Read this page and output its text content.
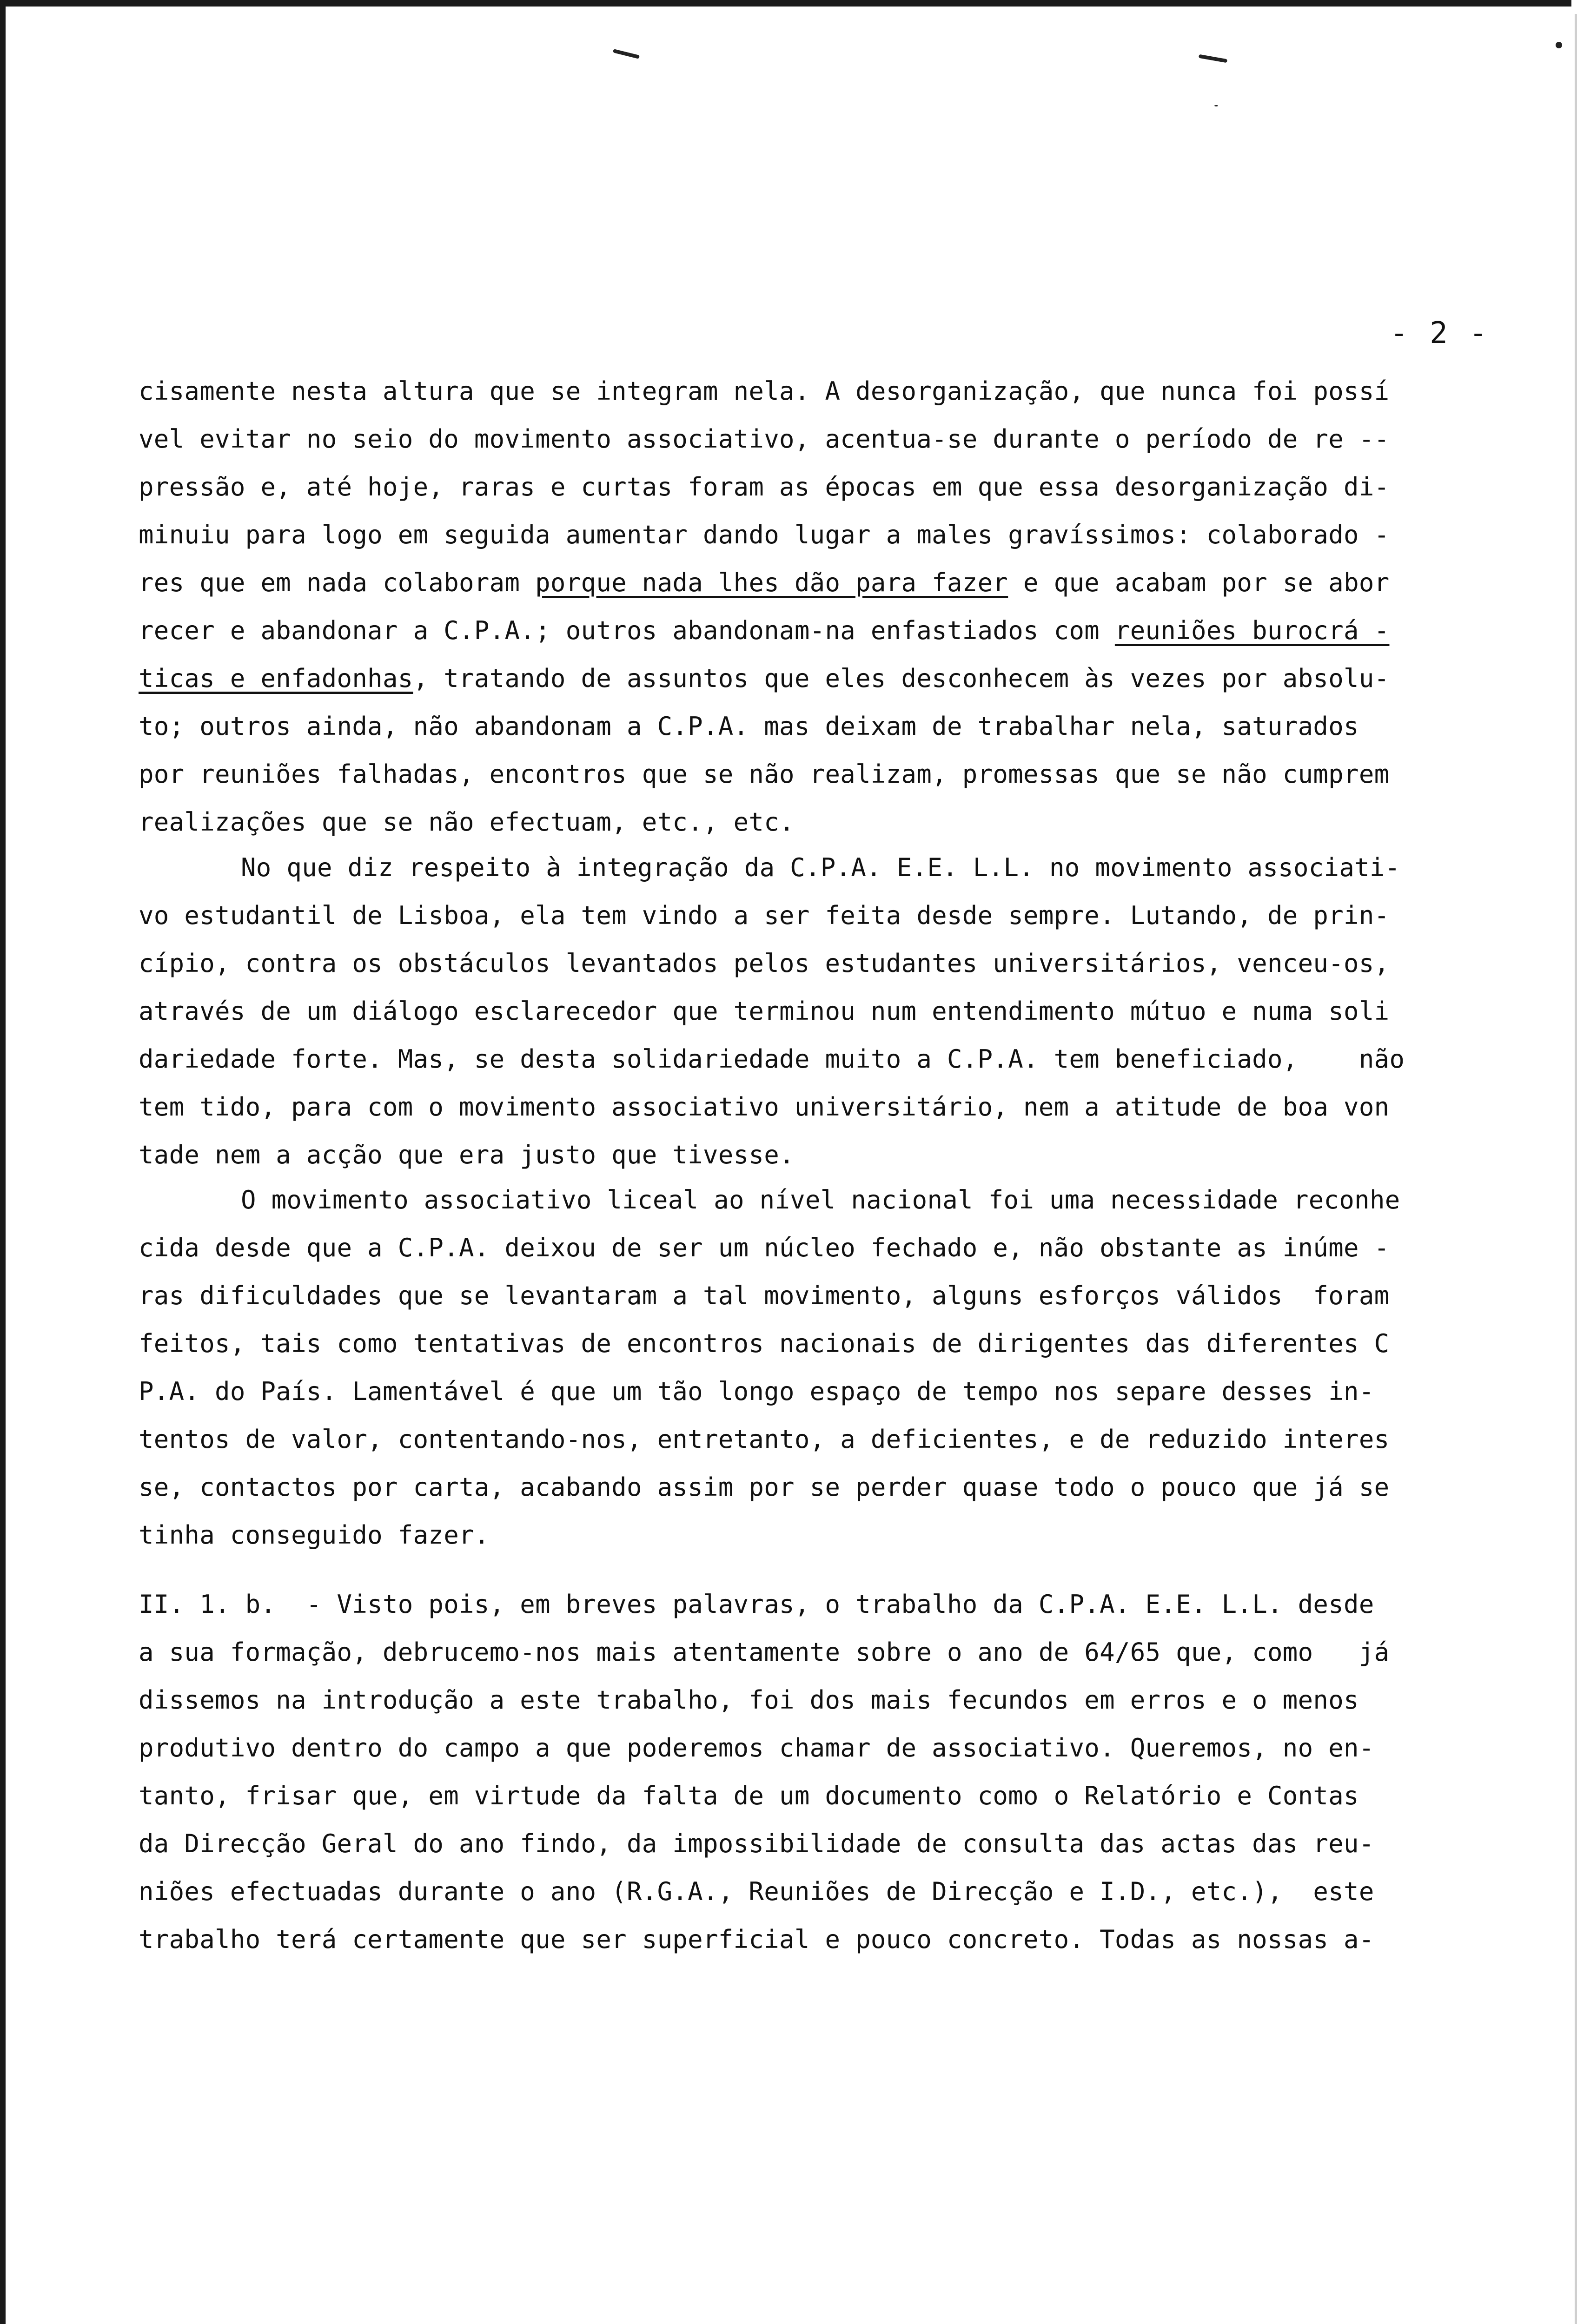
- 2 -
cisamente nesta altura que se integram nela. A desorganização, que nunca foi possí
vel evitar no seio do movimento associativo, acentua-se durante o período de re --
pressão e, até hoje, raras e curtas foram as épocas em que essa desorganização di-
minuiu para logo em seguida aumentar dando lugar a males gravíssimos: colaborado -
res que em nada colaboram porque nada lhes dão para fazer e que acabam por se abor
recer e abandonar a C.P.A.; outros abandonam-na enfastiados com reuniões burocrá -
ticas e enfadonhas, tratando de assuntos que eles desconhecem às vezes por absolu-
to; outros ainda, não abandonam a C.P.A. mas deixam de trabalhar nela, saturados
por reuniões falhadas, encontros que se não realizam, promessas que se não cumprem
realizações que se não efectuam, etc., etc.
No que diz respeito à integração da C.P.A. E.E. L.L. no movimento associati-
vo estudantil de Lisboa, ela tem vindo a ser feita desde sempre. Lutando, de prin-
cípio, contra os obstáculos levantados pelos estudantes universitários, venceu-os,
através de um diálogo esclarecedor que terminou num entendimento mútuo e numa soli
dariedade forte. Mas, se desta solidariedade muito a C.P.A. tem beneficiado,    não
tem tido, para com o movimento associativo universitário, nem a atitude de boa von
tade nem a acção que era justo que tivesse.
O movimento associativo liceal ao nível nacional foi uma necessidade reconhe
cida desde que a C.P.A. deixou de ser um núcleo fechado e, não obstante as inúme -
ras dificuldades que se levantaram a tal movimento, alguns esforços válidos  foram
feitos, tais como tentativas de encontros nacionais de dirigentes das diferentes C
P.A. do País. Lamentável é que um tão longo espaço de tempo nos separe desses in-
tentos de valor, contentando-nos, entretanto, a deficientes, e de reduzido interes
se, contactos por carta, acabando assim por se perder quase todo o pouco que já se
tinha conseguido fazer.
II. 1. b.  - Visto pois, em breves palavras, o trabalho da C.P.A. E.E. L.L. desde
a sua formação, debrucemo-nos mais atentamente sobre o ano de 64/65 que, como   já
dissemos na introdução a este trabalho, foi dos mais fecundos em erros e o menos
produtivo dentro do campo a que poderemos chamar de associativo. Queremos, no en-
tanto, frisar que, em virtude da falta de um documento como o Relatório e Contas
da Direcção Geral do ano findo, da impossibilidade de consulta das actas das reu-
niões efectuadas durante o ano (R.G.A., Reuniões de Direcção e I.D., etc.),  este
trabalho terá certamente que ser superficial e pouco concreto. Todas as nossas a-
